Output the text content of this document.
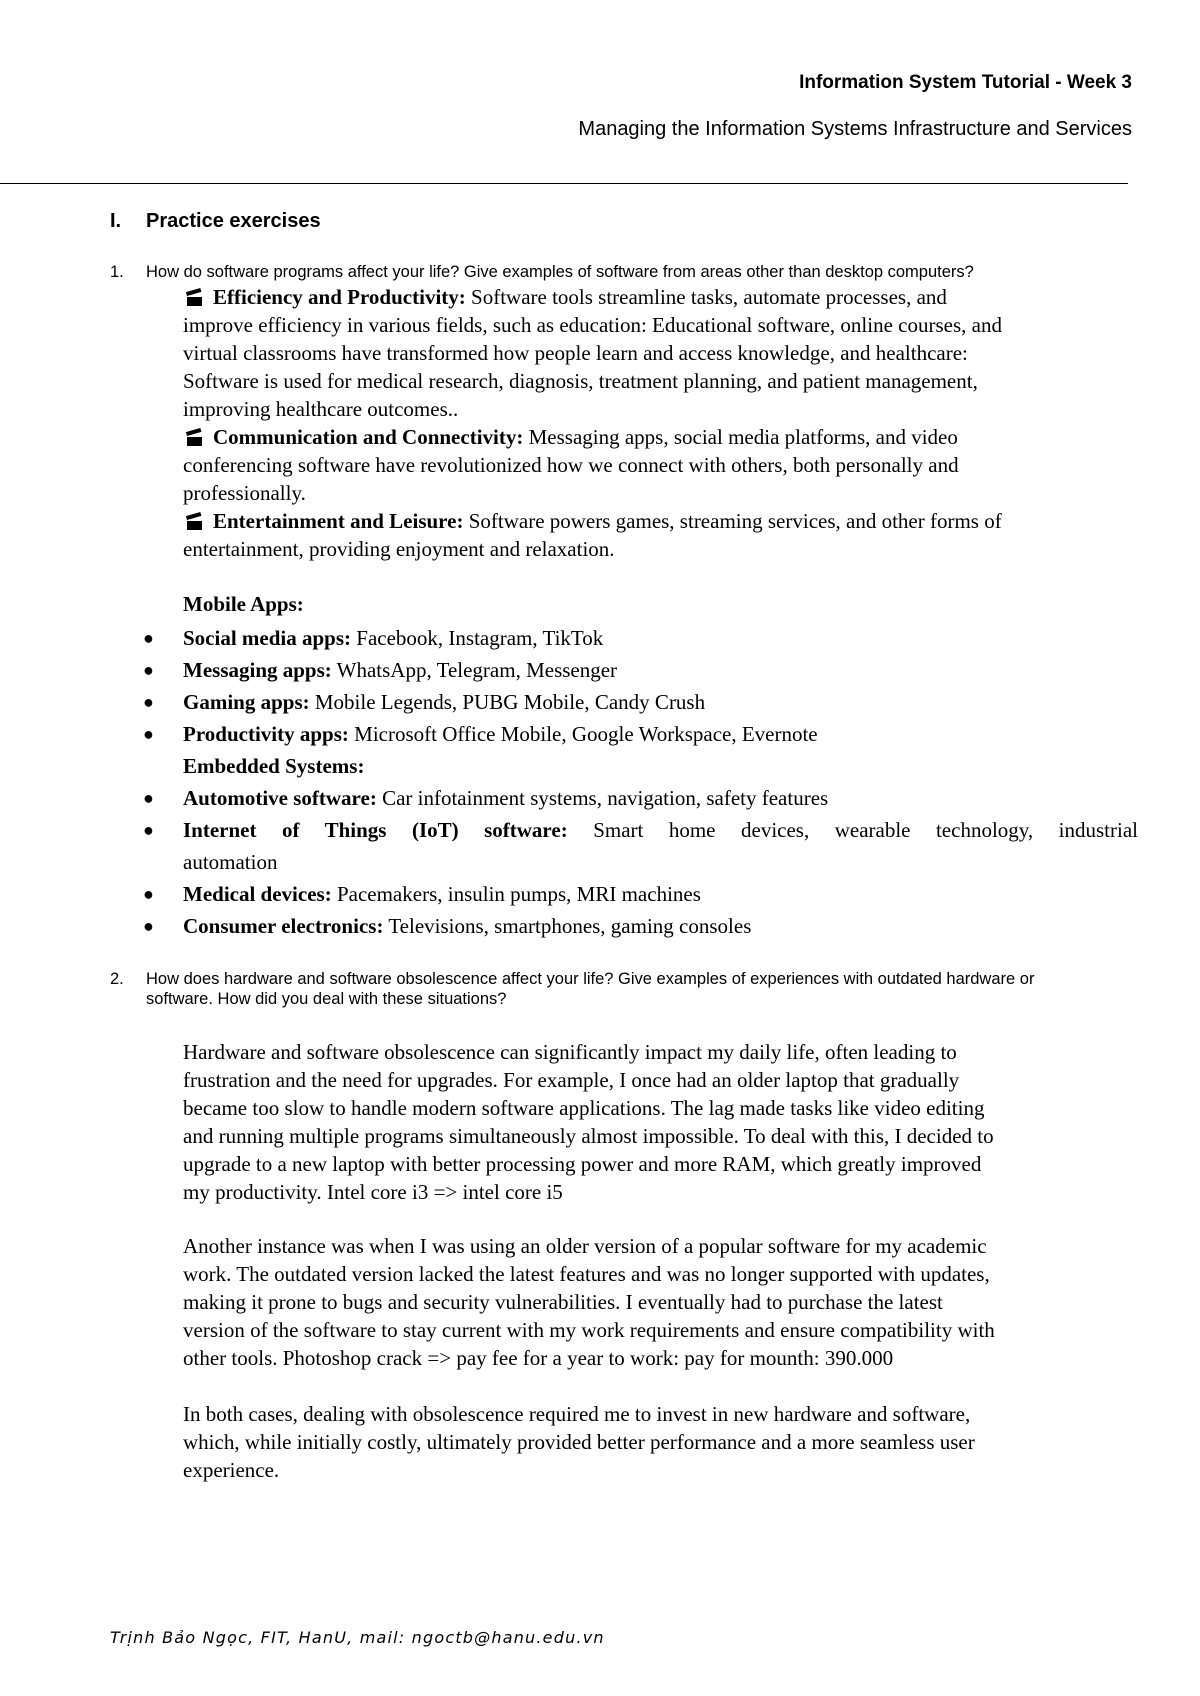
Information System Tutorial - Week 3
Managing the Information Systems Infrastructure and Services
I. Practice exercises
1. How do software programs affect your life? Give examples of software from areas other than desktop computers?
Efficiency and Productivity: Software tools streamline tasks, automate processes, and
improve efficiency in various fields, such as education: Educational software, online courses, and
virtual classrooms have transformed how people learn and access knowledge, and healthcare:
Software is used for medical research, diagnosis, treatment planning, and patient management,
improving healthcare outcomes..
Communication and Connectivity: Messaging apps, social media platforms, and video
conferencing software have revolutionized how we connect with others, both personally and
professionally.
Entertainment and Leisure: Software powers games, streaming services, and other forms of
entertainment, providing enjoyment and relaxation.
Mobile Apps:
● Social media apps: Facebook, Instagram, TikTok
● Messaging apps: WhatsApp, Telegram, Messenger
● Gaming apps: Mobile Legends, PUBG Mobile, Candy Crush
● Productivity apps: Microsoft Office Mobile, Google Workspace, Evernote
Embedded Systems:
● Automotive software: Car infotainment systems, navigation, safety features
● Internet of Things (IoT) software: Smart home devices, wearable technology, industrial
automation
● Medical devices: Pacemakers, insulin pumps, MRI machines
● Consumer electronics: Televisions, smartphones, gaming consoles
2. How does hardware and software obsolescence affect your life? Give examples of experiences with outdated hardware or
software. How did you deal with these situations?
Hardware and software obsolescence can significantly impact my daily life, often leading to
frustration and the need for upgrades. For example, I once had an older laptop that gradually
became too slow to handle modern software applications. The lag made tasks like video editing
and running multiple programs simultaneously almost impossible. To deal with this, I decided to
upgrade to a new laptop with better processing power and more RAM, which greatly improved
my productivity. Intel core i3 => intel core i5
Another instance was when I was using an older version of a popular software for my academic
work. The outdated version lacked the latest features and was no longer supported with updates,
making it prone to bugs and security vulnerabilities. I eventually had to purchase the latest
version of the software to stay current with my work requirements and ensure compatibility with
other tools. Photoshop crack => pay fee for a year to work: pay for mounth: 390.000
In both cases, dealing with obsolescence required me to invest in new hardware and software,
which, while initially costly, ultimately provided better performance and a more seamless user
experience.
Trịnh Bảo Ngọc, FIT, HanU, mail: ngoctb@hanu.edu.vn
